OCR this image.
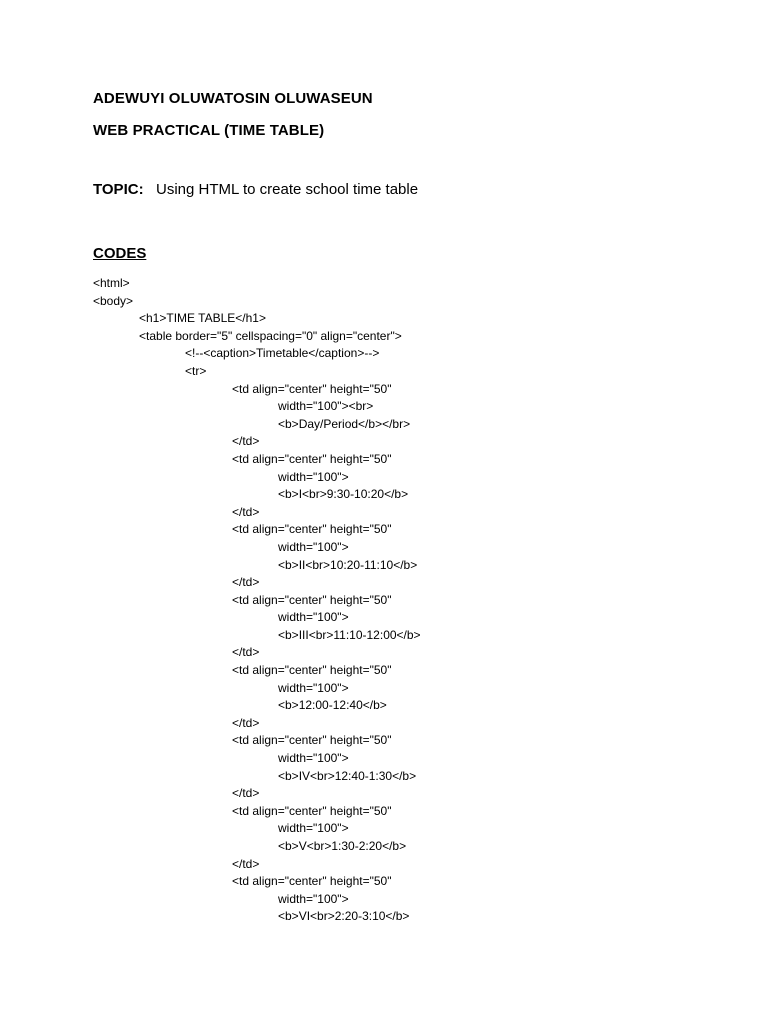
ADEWUYI OLUWATOSIN OLUWASEUN
WEB PRACTICAL (TIME TABLE)
TOPIC: Using HTML to create school time table
CODES
<html>
<body>
<h1>TIME TABLE</h1>
<table border="5" cellspacing="0" align="center">
<!--<caption>Timetable</caption>-->
<tr>
<td align="center" height="50"
width="100"><br>
<b>Day/Period</b></br>
</td>
<td align="center" height="50"
width="100">
<b>I<br>9:30-10:20</b>
</td>
<td align="center" height="50"
width="100">
<b>II<br>10:20-11:10</b>
</td>
<td align="center" height="50"
width="100">
<b>III<br>11:10-12:00</b>
</td>
<td align="center" height="50"
width="100">
<b>12:00-12:40</b>
</td>
<td align="center" height="50"
width="100">
<b>IV<br>12:40-1:30</b>
</td>
<td align="center" height="50"
width="100">
<b>V<br>1:30-2:20</b>
</td>
<td align="center" height="50"
width="100">
<b>VI<br>2:20-3:10</b>
